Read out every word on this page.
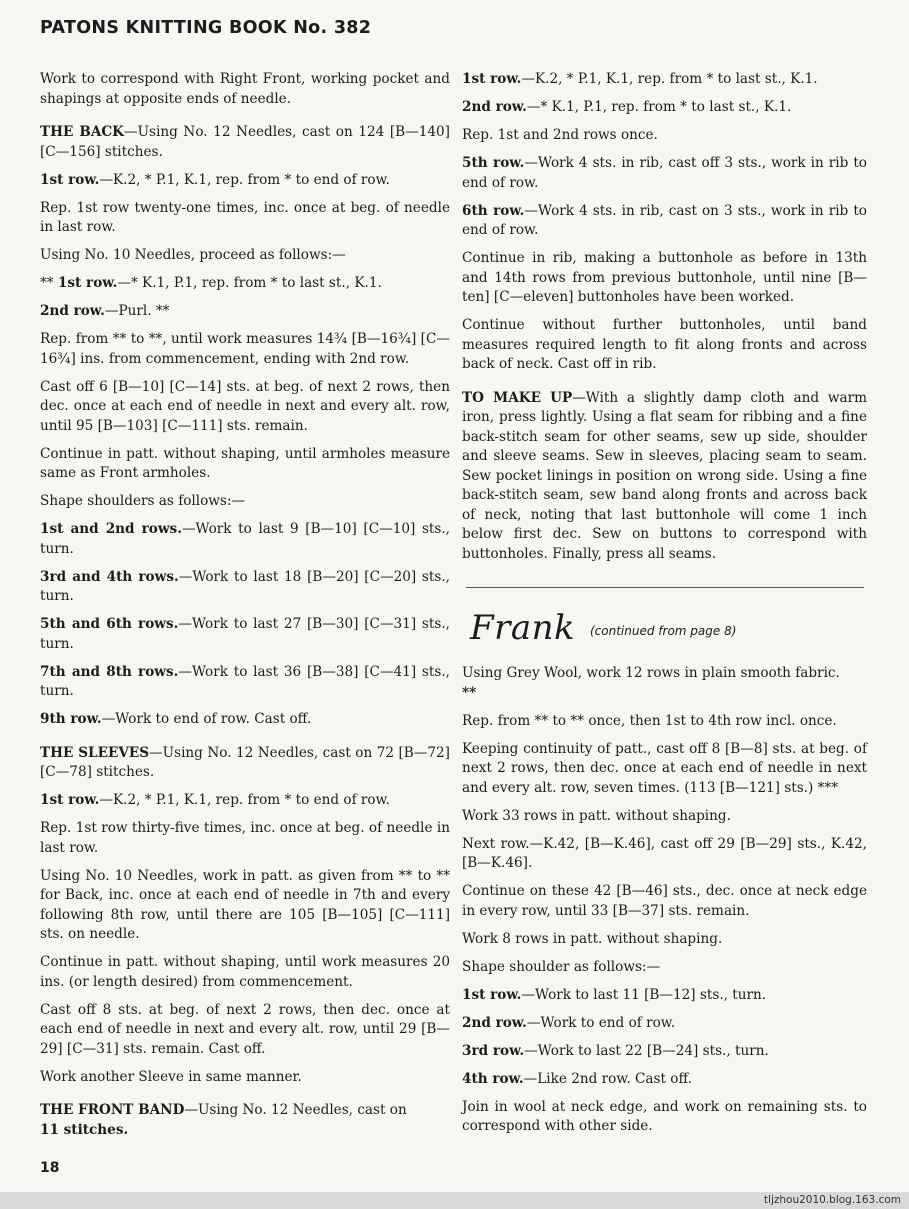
PATONS KNITTING BOOK No. 382

Work to correspond with Right Front, working pocket and shapings at opposite ends of needle.

THE BACK—Using No. 12 Needles, cast on 124 [B—140] [C—156] stitches.

1st row.—K.2, * P.1, K.1, rep. from * to end of row.

Rep. 1st row twenty-one times, inc. once at beg. of needle in last row.

Using No. 10 Needles, proceed as follows:—

** 1st row.—* K.1, P.1, rep. from * to last st., K.1.

2nd row.—Purl. **

Rep. from ** to **, until work measures 14¾ [B—16¾] [C—16¾] ins. from commencement, ending with 2nd row.

Cast off 6 [B—10] [C—14] sts. at beg. of next 2 rows, then dec. once at each end of needle in next and every alt. row, until 95 [B—103] [C—111] sts. remain.

Continue in patt. without shaping, until armholes measure same as Front armholes.

Shape shoulders as follows:—

1st and 2nd rows.—Work to last 9 [B—10] [C—10] sts., turn.

3rd and 4th rows.—Work to last 18 [B—20] [C—20] sts., turn.

5th and 6th rows.—Work to last 27 [B—30] [C—31] sts., turn.

7th and 8th rows.—Work to last 36 [B—38] [C—41] sts., turn.

9th row.—Work to end of row. Cast off.

THE SLEEVES—Using No. 12 Needles, cast on 72 [B—72] [C—78] stitches.

1st row.—K.2, * P.1, K.1, rep. from * to end of row.

Rep. 1st row thirty-five times, inc. once at beg. of needle in last row.

Using No. 10 Needles, work in patt. as given from ** to ** for Back, inc. once at each end of needle in 7th and every following 8th row, until there are 105 [B—105] [C—111] sts. on needle.

Continue in patt. without shaping, until work measures 20 ins. (or length desired) from commencement.

Cast off 8 sts. at beg. of next 2 rows, then dec. once at each end of needle in next and every alt. row, until 29 [B—29] [C—31] sts. remain. Cast off.

Work another Sleeve in same manner.

THE FRONT BAND—Using No. 12 Needles, cast on
11 stitches.

1st row.—K.2, * P.1, K.1, rep. from * to last st., K.1.

2nd row.—* K.1, P.1, rep. from * to last st., K.1.

Rep. 1st and 2nd rows once.

5th row.—Work 4 sts. in rib, cast off 3 sts., work in rib to end of row.

6th row.—Work 4 sts. in rib, cast on 3 sts., work in rib to end of row.

Continue in rib, making a buttonhole as before in 13th and 14th rows from previous buttonhole, until nine [B—ten] [C—eleven] buttonholes have been worked.

Continue without further buttonholes, until band measures required length to fit along fronts and across back of neck. Cast off in rib.

TO MAKE UP—With a slightly damp cloth and warm iron, press lightly. Using a flat seam for ribbing and a fine back-stitch seam for other seams, sew up side, shoulder and sleeve seams. Sew in sleeves, placing seam to seam. Sew pocket linings in position on wrong side. Using a fine back-stitch seam, sew band along fronts and across back of neck, noting that last buttonhole will come 1 inch below first dec. Sew on buttons to correspond with buttonholes. Finally, press all seams.

Frank (continued from page 8)

Using Grey Wool, work 12 rows in plain smooth fabric.
**

Rep. from ** to ** once, then 1st to 4th row incl. once.

Keeping continuity of patt., cast off 8 [B—8] sts. at beg. of next 2 rows, then dec. once at each end of needle in next and every alt. row, seven times. (113 [B—121] sts.) ***

Work 33 rows in patt. without shaping.

Next row.—K.42, [B—K.46], cast off 29 [B—29] sts., K.42, [B—K.46].

Continue on these 42 [B—46] sts., dec. once at neck edge in every row, until 33 [B—37] sts. remain.

Work 8 rows in patt. without shaping.

Shape shoulder as follows:—

1st row.—Work to last 11 [B—12] sts., turn.

2nd row.—Work to end of row.

3rd row.—Work to last 22 [B—24] sts., turn.

4th row.—Like 2nd row. Cast off.

Join in wool at neck edge, and work on remaining sts. to correspond with other side.

18
tljzhou2010.blog.163.com
